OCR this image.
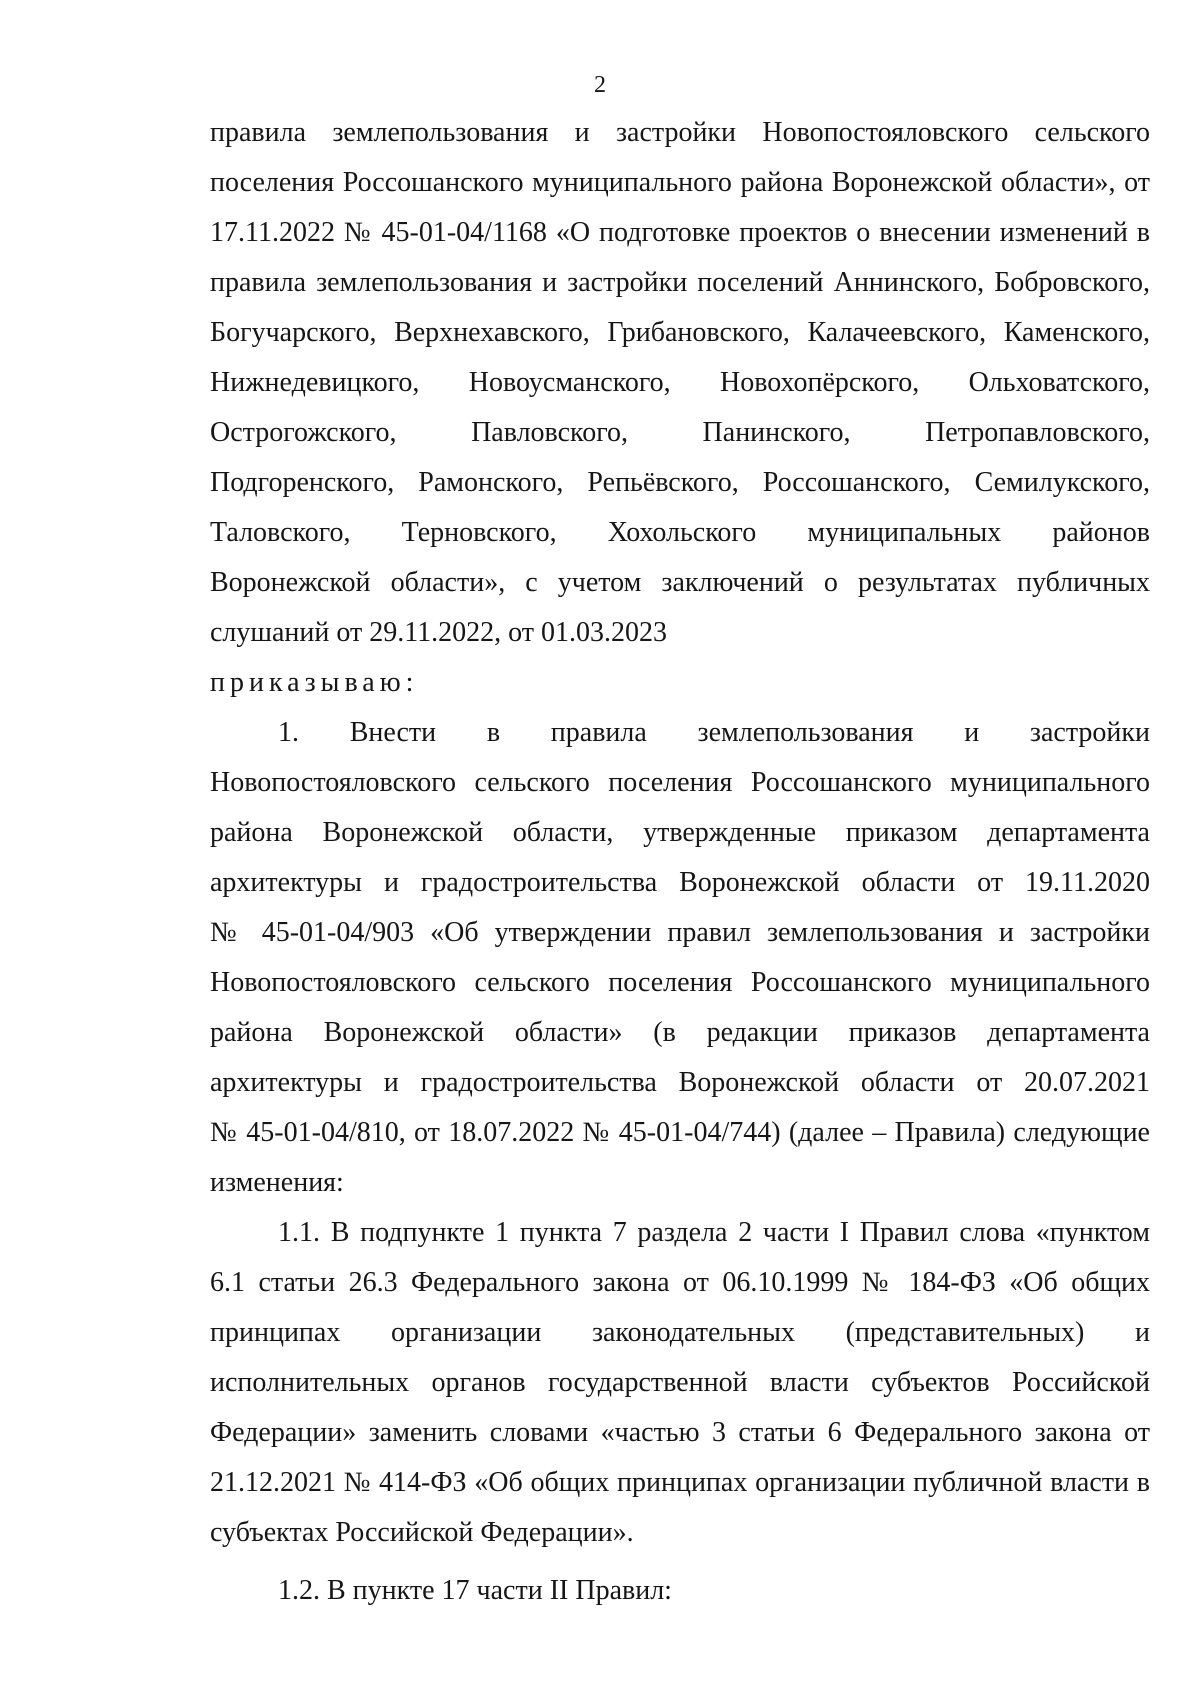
2
правила землепользования и застройки Новопостояловского сельского
поселения Россошанского муниципального района Воронежской области», от
17.11.2022 № 45-01-04/1168 «О подготовке проектов о внесении изменений в
правила землепользования и застройки поселений Аннинского, Бобровского,
Богучарского, Верхнехавского, Грибановского, Калачеевского, Каменского,
Нижнедевицкого, Новоусманского, Новохопёрского, Ольховатского,
Острогожского, Павловского, Панинского, Петропавловского,
Подгоренского, Рамонского, Репьёвского, Россошанского, Семилукского,
Таловского, Терновского, Хохольского муниципальных районов
Воронежской области», с учетом заключений о результатах публичных
слушаний от 29.11.2022, от 01.03.2023
приказываю:
1. Внести в правила землепользования и застройки
Новопостояловского сельского поселения Россошанского муниципального
района Воронежской области, утвержденные приказом департамента
архитектуры и градостроительства Воронежской области от 19.11.2020
№ 45-01-04/903 «Об утверждении правил землепользования и застройки
Новопостояловского сельского поселения Россошанского муниципального
района Воронежской области» (в редакции приказов департамента
архитектуры и градостроительства Воронежской области от 20.07.2021
№ 45-01-04/810, от 18.07.2022 № 45-01-04/744) (далее – Правила) следующие
изменения:
1.1. В подпункте 1 пункта 7 раздела 2 части I Правил слова «пунктом
6.1 статьи 26.3 Федерального закона от 06.10.1999 № 184-ФЗ «Об общих
принципах организации законодательных (представительных) и
исполнительных органов государственной власти субъектов Российской
Федерации» заменить словами «частью 3 статьи 6 Федерального закона от
21.12.2021 № 414-ФЗ «Об общих принципах организации публичной власти в
субъектах Российской Федерации».
1.2. В пункте 17 части II Правил:
